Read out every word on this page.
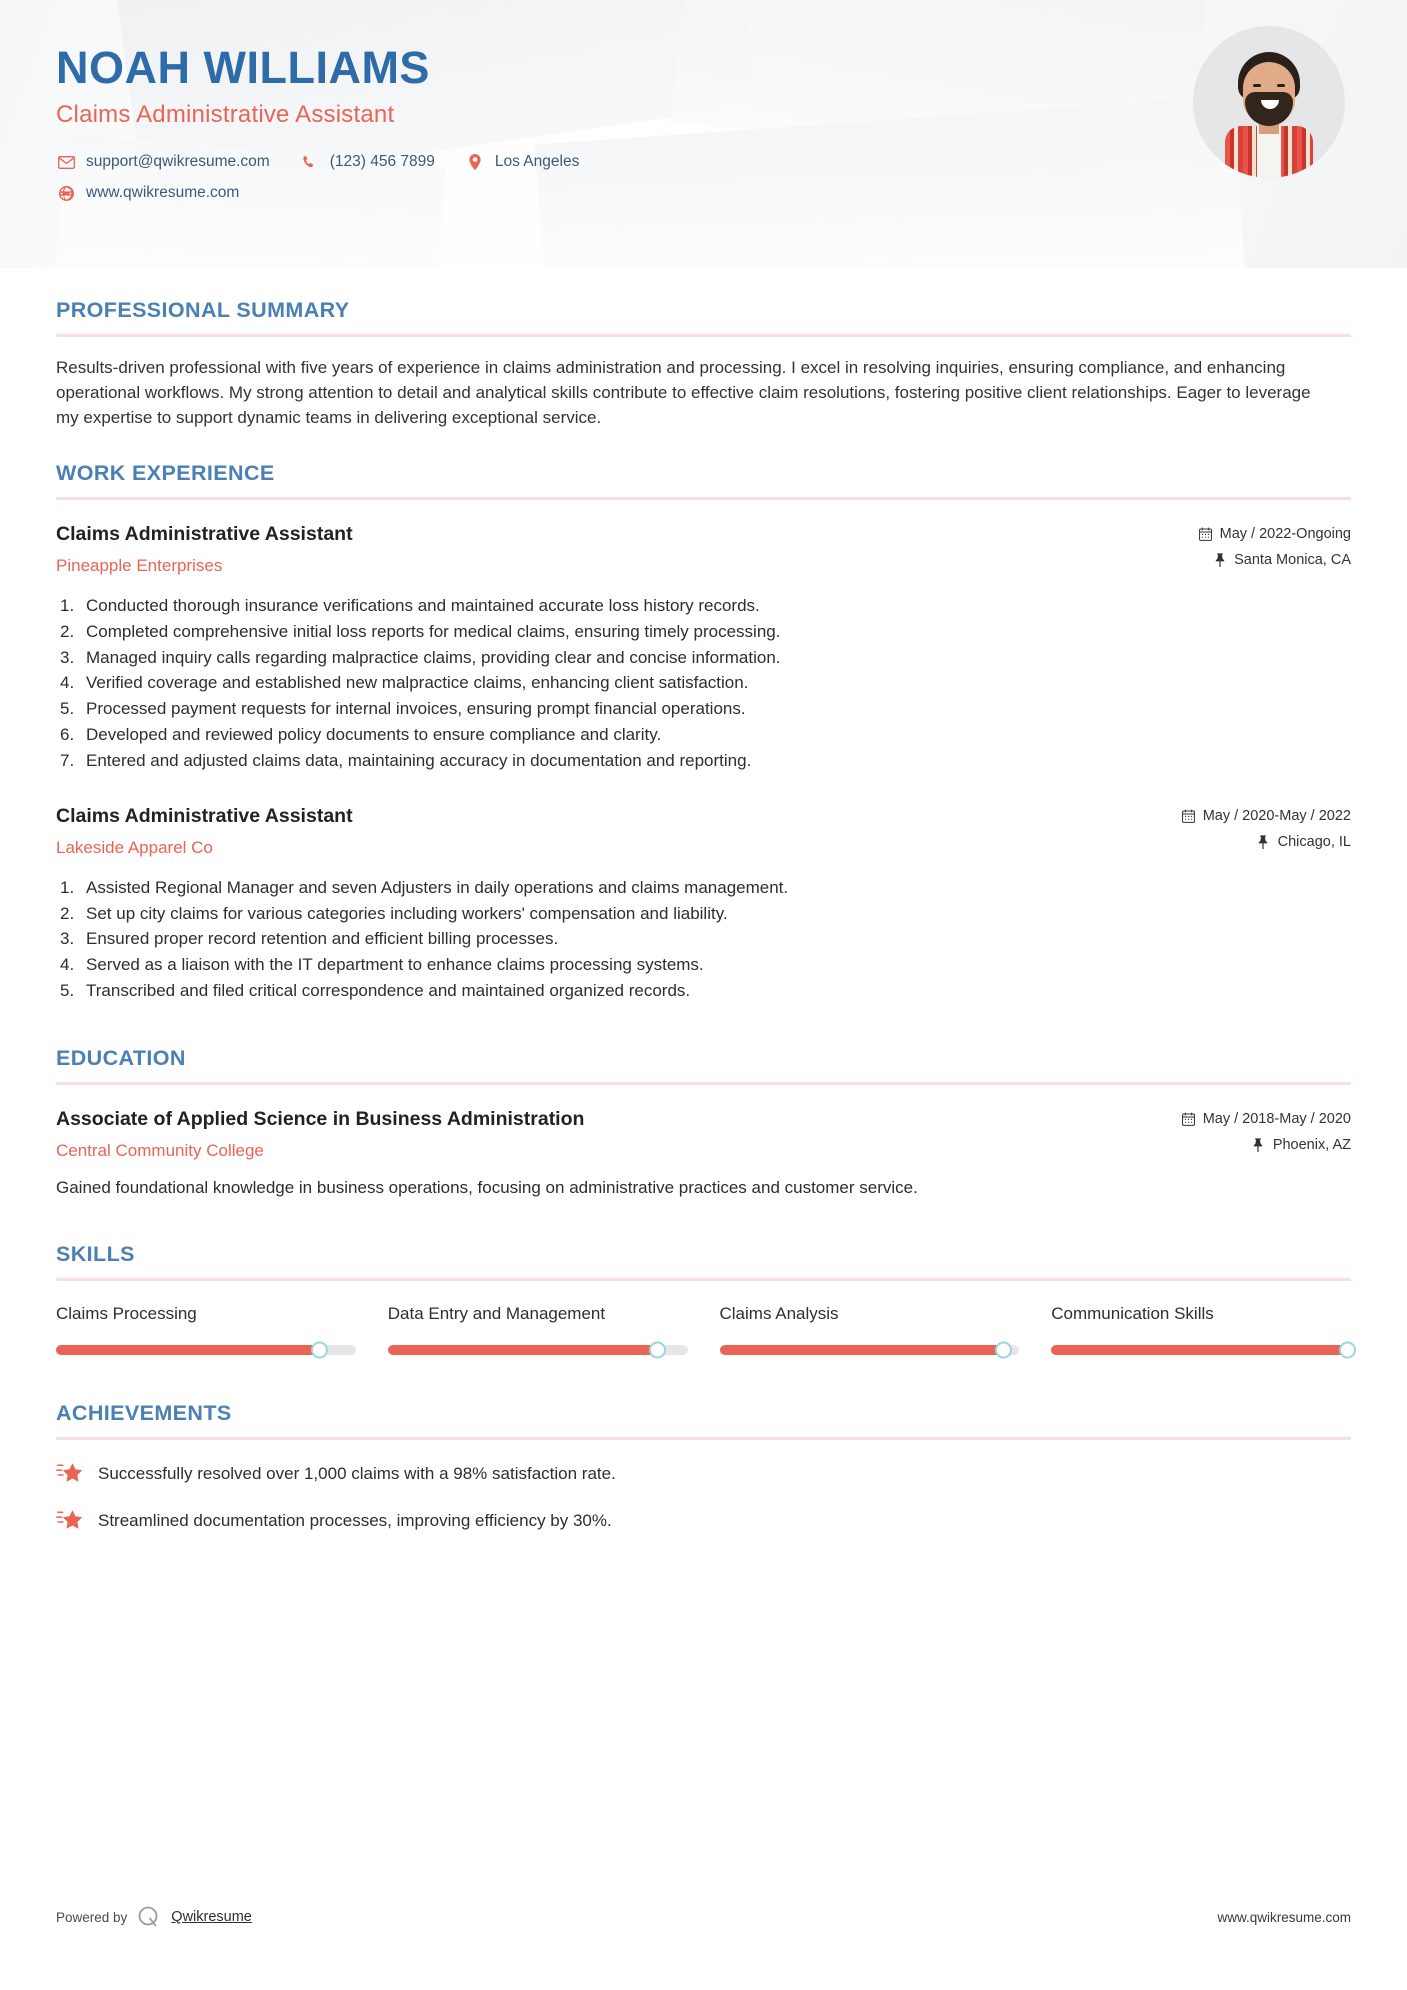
NOAH WILLIAMS
Claims Administrative Assistant
support@qwikresume.com	(123) 456 7899	Los Angeles
www.qwikresume.com
PROFESSIONAL SUMMARY

Results-driven professional with five years of experience in claims administration and processing. I excel in resolving inquiries, ensuring compliance, and enhancing operational workflows. My strong attention to detail and analytical skills contribute to effective claim resolutions, fostering positive client relationships. Eager to leverage my expertise to support dynamic teams in delivering exceptional service.

WORK EXPERIENCE
Claims Administrative Assistant
Pineapple Enterprises
May / 2022-Ongoing
Santa Monica, CA
Conducted thorough insurance verifications and maintained accurate loss history records.
Completed comprehensive initial loss reports for medical claims, ensuring timely processing.
Managed inquiry calls regarding malpractice claims, providing clear and concise information.
Verified coverage and established new malpractice claims, enhancing client satisfaction.
Processed payment requests for internal invoices, ensuring prompt financial operations.
Developed and reviewed policy documents to ensure compliance and clarity.
Entered and adjusted claims data, maintaining accuracy in documentation and reporting.
Claims Administrative Assistant
Lakeside Apparel Co
May / 2020-May / 2022
Chicago, IL
Assisted Regional Manager and seven Adjusters in daily operations and claims management.
Set up city claims for various categories including workers' compensation and liability.
Ensured proper record retention and efficient billing processes.
Served as a liaison with the IT department to enhance claims processing systems.
Transcribed and filed critical correspondence and maintained organized records.
EDUCATION
Associate of Applied Science in Business Administration
Central Community College
May / 2018-May / 2020
Phoenix, AZ

Gained foundational knowledge in business operations, focusing on administrative practices and customer service.

SKILLS
Claims Processing	Data Entry and Management	Claims Analysis	Communication Skills
ACHIEVEMENTS
Successfully resolved over 1,000 claims with a 98% satisfaction rate.
Streamlined documentation processes, improving efficiency by 30%.
Powered by	Qwikresume	www.qwikresume.com
